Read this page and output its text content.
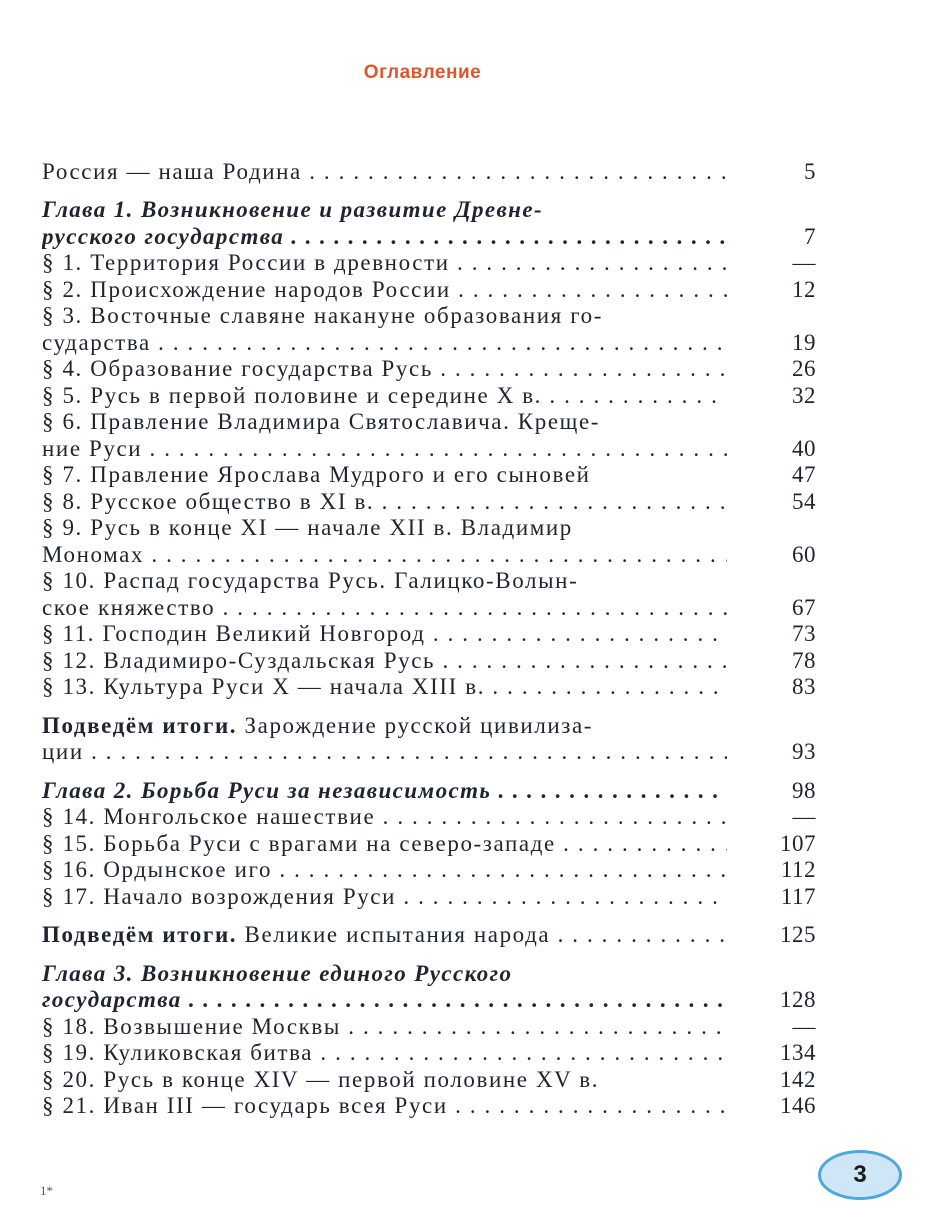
Оглавление
Россия — наша Родина . . .	5
Глава 1. Возникновение и развитие Древне-
русского государства . . .	7
§ 1. Территория России в древности . . .	—
§ 2. Происхождение народов России . . .	12
§ 3. Восточные славяне накануне образования го-
сударства . . .	19
§ 4. Образование государства Русь . . .	26
§ 5. Русь в первой половине и середине X в. . . .	32
§ 6. Правление Владимира Святославича. Креще-
ние Руси . . .	40
§ 7. Правление Ярослава Мудрого и его сыновей	47
§ 8. Русское общество в XI в. . . .	54
§ 9. Русь в конце XI — начале XII в. Владимир
Мономах . . .	60
§ 10. Распад государства Русь. Галицко-Волын-
ское княжество . . .	67
§ 11. Господин Великий Новгород . . .	73
§ 12. Владимиро-Суздальская Русь . . .	78
§ 13. Культура Руси X — начала XIII в. . . .	83
Подведём итоги. Зарождение русской цивилиза-
ции . . .	93
Глава 2. Борьба Руси за независимость . . .	98
§ 14. Монгольское нашествие . . .	—
§ 15. Борьба Руси с врагами на северо-западе . . .	107
§ 16. Ордынское иго . . .	112
§ 17. Начало возрождения Руси . . .	117
Подведём итоги. Великие испытания народа . . .	125
Глава 3. Возникновение единого Русского
государства . . .	128
§ 18. Возвышение Москвы . . .	—
§ 19. Куликовская битва . . .	134
§ 20. Русь в конце XIV — первой половине XV в.	142
§ 21. Иван III — государь всея Руси . . .	146
3
1*
